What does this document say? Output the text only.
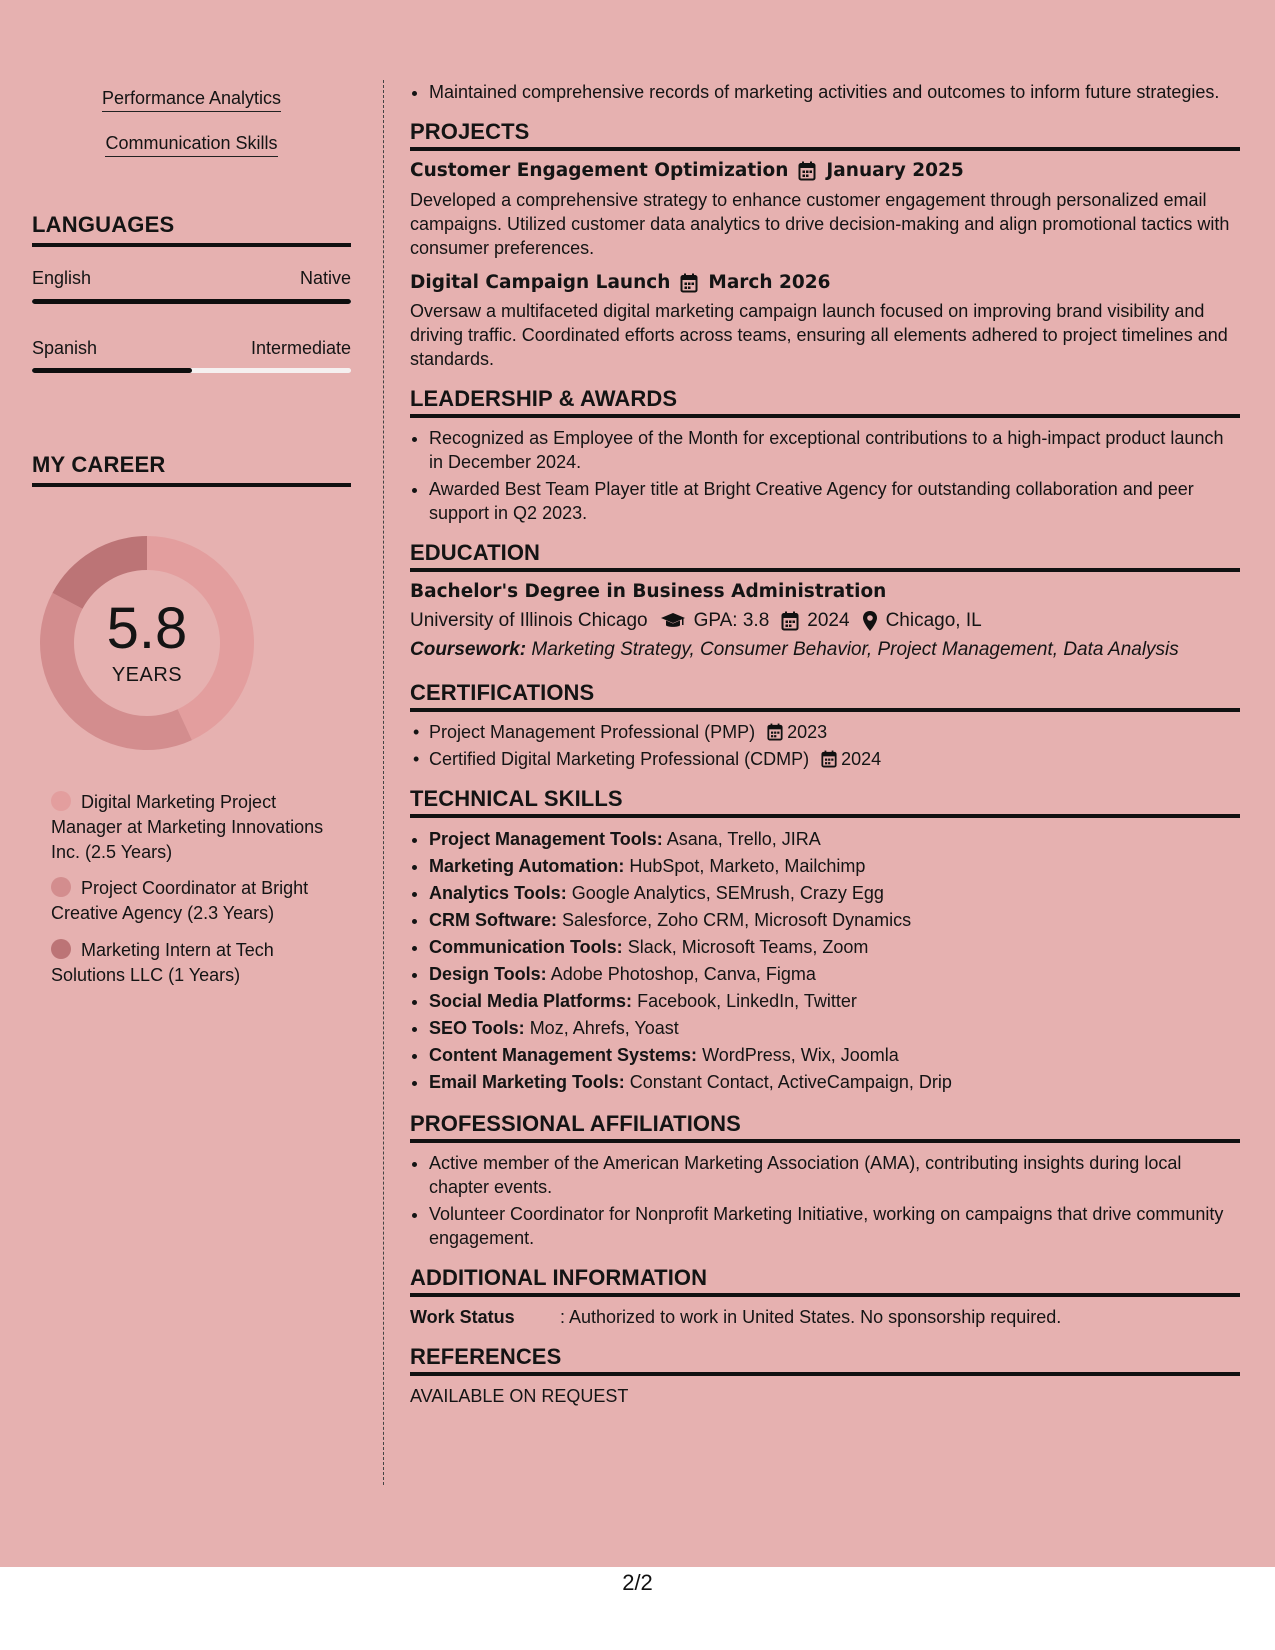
Performance Analytics
Communication Skills
LANGUAGES
English	Native
Spanish	Intermediate
MY CAREER
5.8
YEARS
Digital Marketing Project Manager at Marketing Innovations Inc. (2.5 Years)
Project Coordinator at Bright Creative Agency (2.3 Years)
Marketing Intern at Tech Solutions LLC (1 Years)
• Maintained comprehensive records of marketing activities and outcomes to inform future strategies.
PROJECTS
Customer Engagement Optimization January 2025

Developed a comprehensive strategy to enhance customer engagement through personalized email campaigns. Utilized customer data analytics to drive decision-making and align promotional tactics with consumer preferences.

Digital Campaign Launch March 2026

Oversaw a multifaceted digital marketing campaign launch focused on improving brand visibility and driving traffic. Coordinated efforts across teams, ensuring all elements adhered to project timelines and standards.

LEADERSHIP & AWARDS
• Recognized as Employee of the Month for exceptional contributions to a high-impact product launch in December 2024.
• Awarded Best Team Player title at Bright Creative Agency for outstanding collaboration and peer support in Q2 2023.
EDUCATION
Bachelor's Degree in Business Administration
University of Illinois Chicago GPA: 3.8 2024 Chicago, IL
Coursework: Marketing Strategy, Consumer Behavior, Project Management, Data Analysis
CERTIFICATIONS
• Project Management Professional (PMP) 2023
• Certified Digital Marketing Professional (CDMP) 2024
TECHNICAL SKILLS
• Project Management Tools: Asana, Trello, JIRA
• Marketing Automation: HubSpot, Marketo, Mailchimp
• Analytics Tools: Google Analytics, SEMrush, Crazy Egg
• CRM Software: Salesforce, Zoho CRM, Microsoft Dynamics
• Communication Tools: Slack, Microsoft Teams, Zoom
• Design Tools: Adobe Photoshop, Canva, Figma
• Social Media Platforms: Facebook, LinkedIn, Twitter
• SEO Tools: Moz, Ahrefs, Yoast
• Content Management Systems: WordPress, Wix, Joomla
• Email Marketing Tools: Constant Contact, ActiveCampaign, Drip
PROFESSIONAL AFFILIATIONS
• Active member of the American Marketing Association (AMA), contributing insights during local chapter events.
• Volunteer Coordinator for Nonprofit Marketing Initiative, working on campaigns that drive community engagement.
ADDITIONAL INFORMATION
Work Status	: Authorized to work in United States. No sponsorship required.
REFERENCES
AVAILABLE ON REQUEST
2/2
